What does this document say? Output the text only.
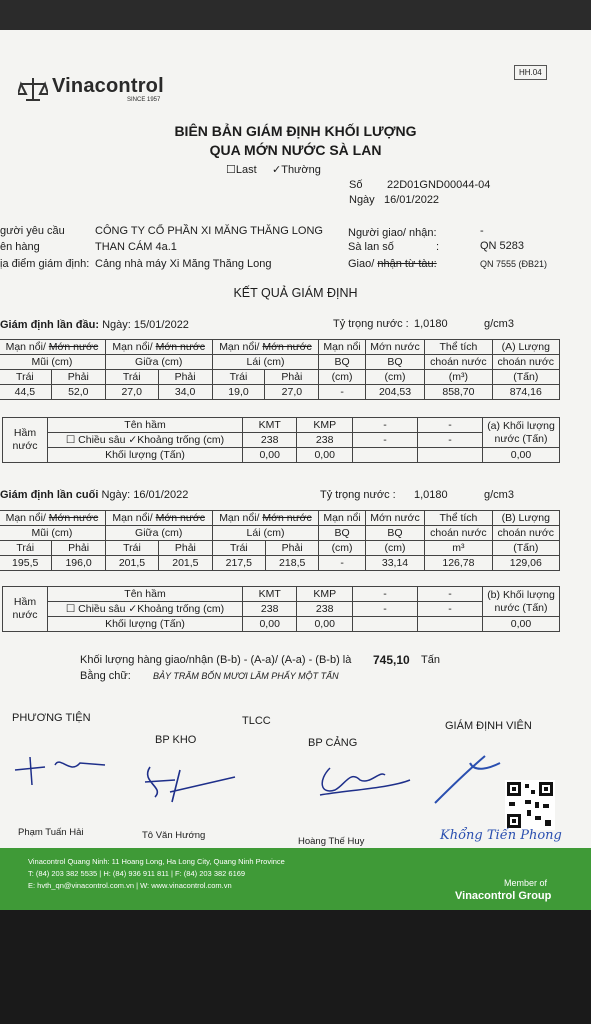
Vinacontrol
SINCE 1957
HH.04
BIÊN BẢN GIÁM ĐỊNH KHỐI LƯỢNG
QUA MỚN NƯỚC SÀ LAN
☐Last ✓Thường
Số 22D01GND00044-04
Ngày 16/01/2022
gười yêu cầu	CÔNG TY CỔ PHẦN XI MĂNG THĂNG LONG
ên hàng	THAN CÁM 4a.1
ịa điểm giám định: Cảng nhà máy Xi Măng Thăng Long
Người giao/ nhận:	-
Sà lan số	:	QN 5283
Giao/ nhận từ tàu:	QN 7555 (ĐB21)
KẾT QUẢ GIÁM ĐỊNH
Giám định lần đầu: Ngày: 15/01/2022	Tỷ trọng nước : 1,0180	g/cm3
Mạn nổi/ Mớn nước		Mạn nổi/ Mớn nước		Mạn nổi/ Mớn nước		Mạn nổi	Mớn nước	Thể tích	(A) Lượng
Mũi (cm)		Giữa (cm)		Lái (cm)		BQ	BQ	choán nước	choán nước
Trái	Phải	Trái	Phải	Trái	Phải	(cm)	(cm)	(m³)	(Tấn)
44,5	52,0	27,0	34,0	19,0	27,0	-	204,53	858,70	874,16
Hầm
nước	Tên hầm	KMT	KMP	-	-	(a) Khối lượng
nước (Tấn)
	☐ Chiều sâu ✓Khoảng trống (cm)	238	238	-	-	
	Khối lượng (Tấn)	0,00	0,00			0,00
Giám định lần cuối Ngày: 16/01/2022	Tỷ trọng nước : 1,0180	g/cm3
Mạn nổi/ Mớn nước		Mạn nổi/ Mớn nước		Mạn nổi/ Mớn nước		Mạn nổi	Mớn nước	Thể tích	(B) Lượng
Mũi (cm)		Giữa (cm)		Lái (cm)		BQ	BQ	choán nước	choán nước
Trái	Phải	Trái	Phải	Trái	Phải	(cm)	(cm)	m³	(Tấn)
195,5	196,0	201,5	201,5	217,5	218,5	-	33,14	126,78	129,06
Hầm
nước	Tên hầm	KMT	KMP	-	-	(b) Khối lượng
nước (Tấn)
	☐ Chiều sâu ✓Khoảng trống (cm)	238	238	-	-	
	Khối lượng (Tấn)	0,00	0,00			0,00
Khối lượng hàng giao/nhận (B-b) - (A-a)/ (A-a) - (B-b) là 745,10 Tấn
Bằng chữ: BẢY TRĂM BỐN MƯƠI LĂM PHẨY MỘT TẤN
PHƯƠNG TIỆN	TLCC	GIÁM ĐỊNH VIÊN
BP KHO	BP CẢNG
Phạm Tuấn Hải	Tô Văn Hướng
Hoàng Thế Huy	Khổng Tiến Phong
Vinacontrol Quang Ninh: 11 Hoang Long, Ha Long City, Quang Ninh Province
T: (84) 203 382 5535 | H: (84) 936 911 811 | F: (84) 203 382 6169
E: hvth_qn@vinacontrol.com.vn | W: www.vinacontrol.com.vn	Member of
Vinacontrol Group
